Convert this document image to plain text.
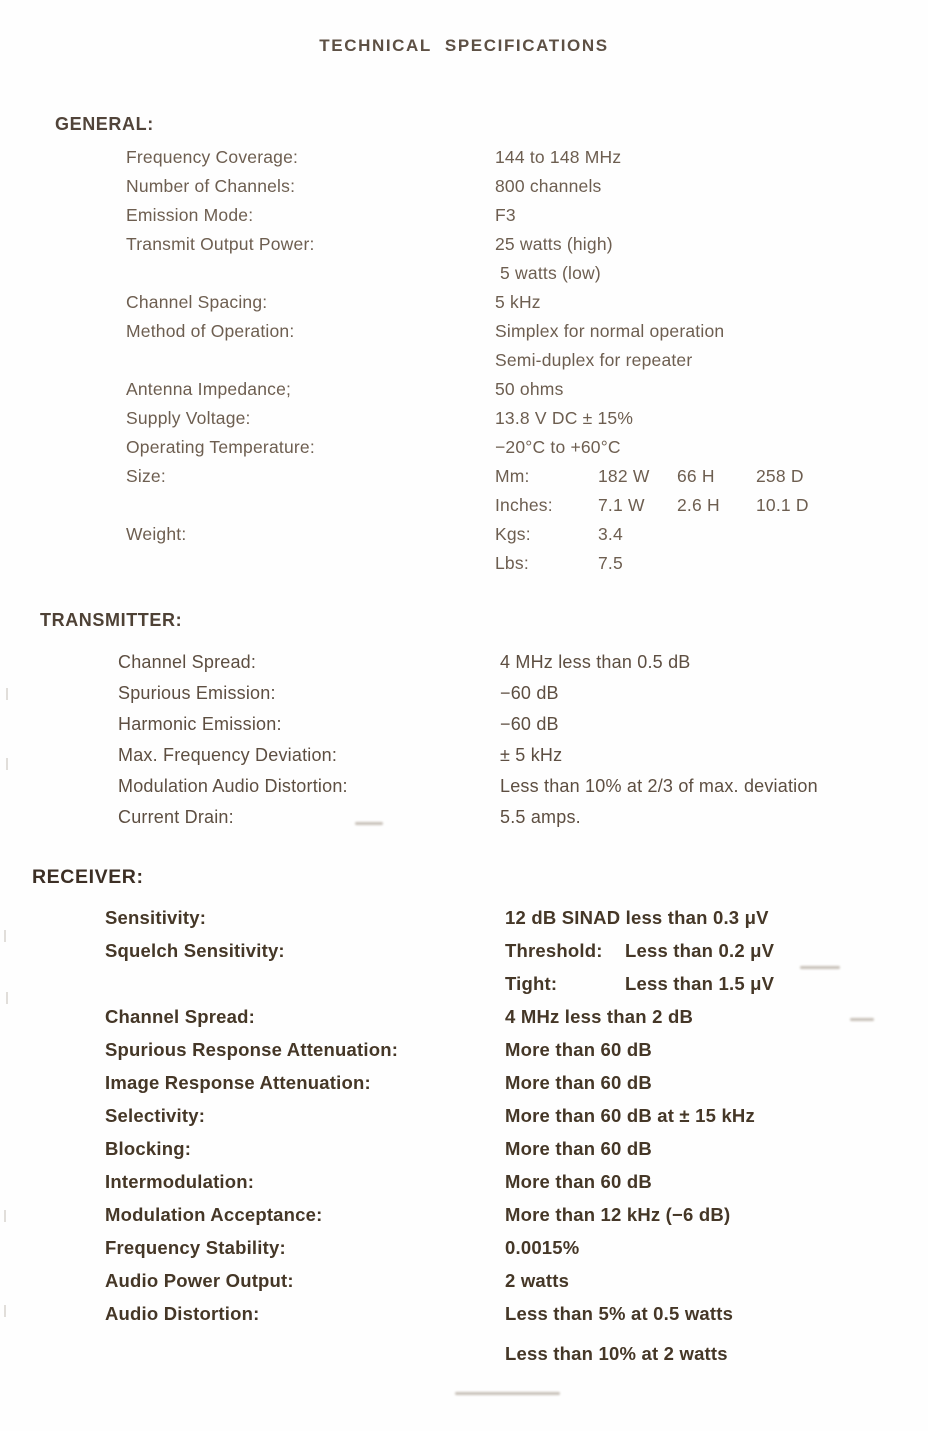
TECHNICAL SPECIFICATIONS
GENERAL:
Frequency Coverage:	144 to 148 MHz
Number of Channels:	800 channels
Emission Mode:	F3
Transmit Output Power:	25 watts (high)
5 watts (low)
Channel Spacing:	5 kHz
Method of Operation:	Simplex for normal operation
Semi-duplex for repeater
Antenna Impedance;	50 ohms
Supply Voltage:	13.8 V DC ± 15%
Operating Temperature:	−20°C to +60°C
Size:	Mm:	182 W 66 H 258 D
Inches:	7.1 W 2.6 H 10.1 D
Weight:	Kgs:	3.4
Lbs:	7.5
TRANSMITTER:
Channel Spread:	4 MHz less than 0.5 dB
Spurious Emission:	−60 dB
Harmonic Emission:	−60 dB
Max. Frequency Deviation:	± 5 kHz
Modulation Audio Distortion:	Less than 10% at 2/3 of max. deviation
Current Drain:	5.5 amps.
RECEIVER:
Sensitivity:	12 dB SINAD less than 0.3 μV
Squelch Sensitivity:	Threshold: Less than 0.2 μV
Tight:	Less than 1.5 μV
Channel Spread:	4 MHz less than 2 dB
Spurious Response Attenuation:	More than 60 dB
Image Response Attenuation:	More than 60 dB
Selectivity:	More than 60 dB at ± 15 kHz
Blocking:	More than 60 dB
Intermodulation:	More than 60 dB
Modulation Acceptance:	More than 12 kHz (−6 dB)
Frequency Stability:	0.0015%
Audio Power Output:	2 watts
Audio Distortion:	Less than 5% at 0.5 watts
Less than 10% at 2 watts
